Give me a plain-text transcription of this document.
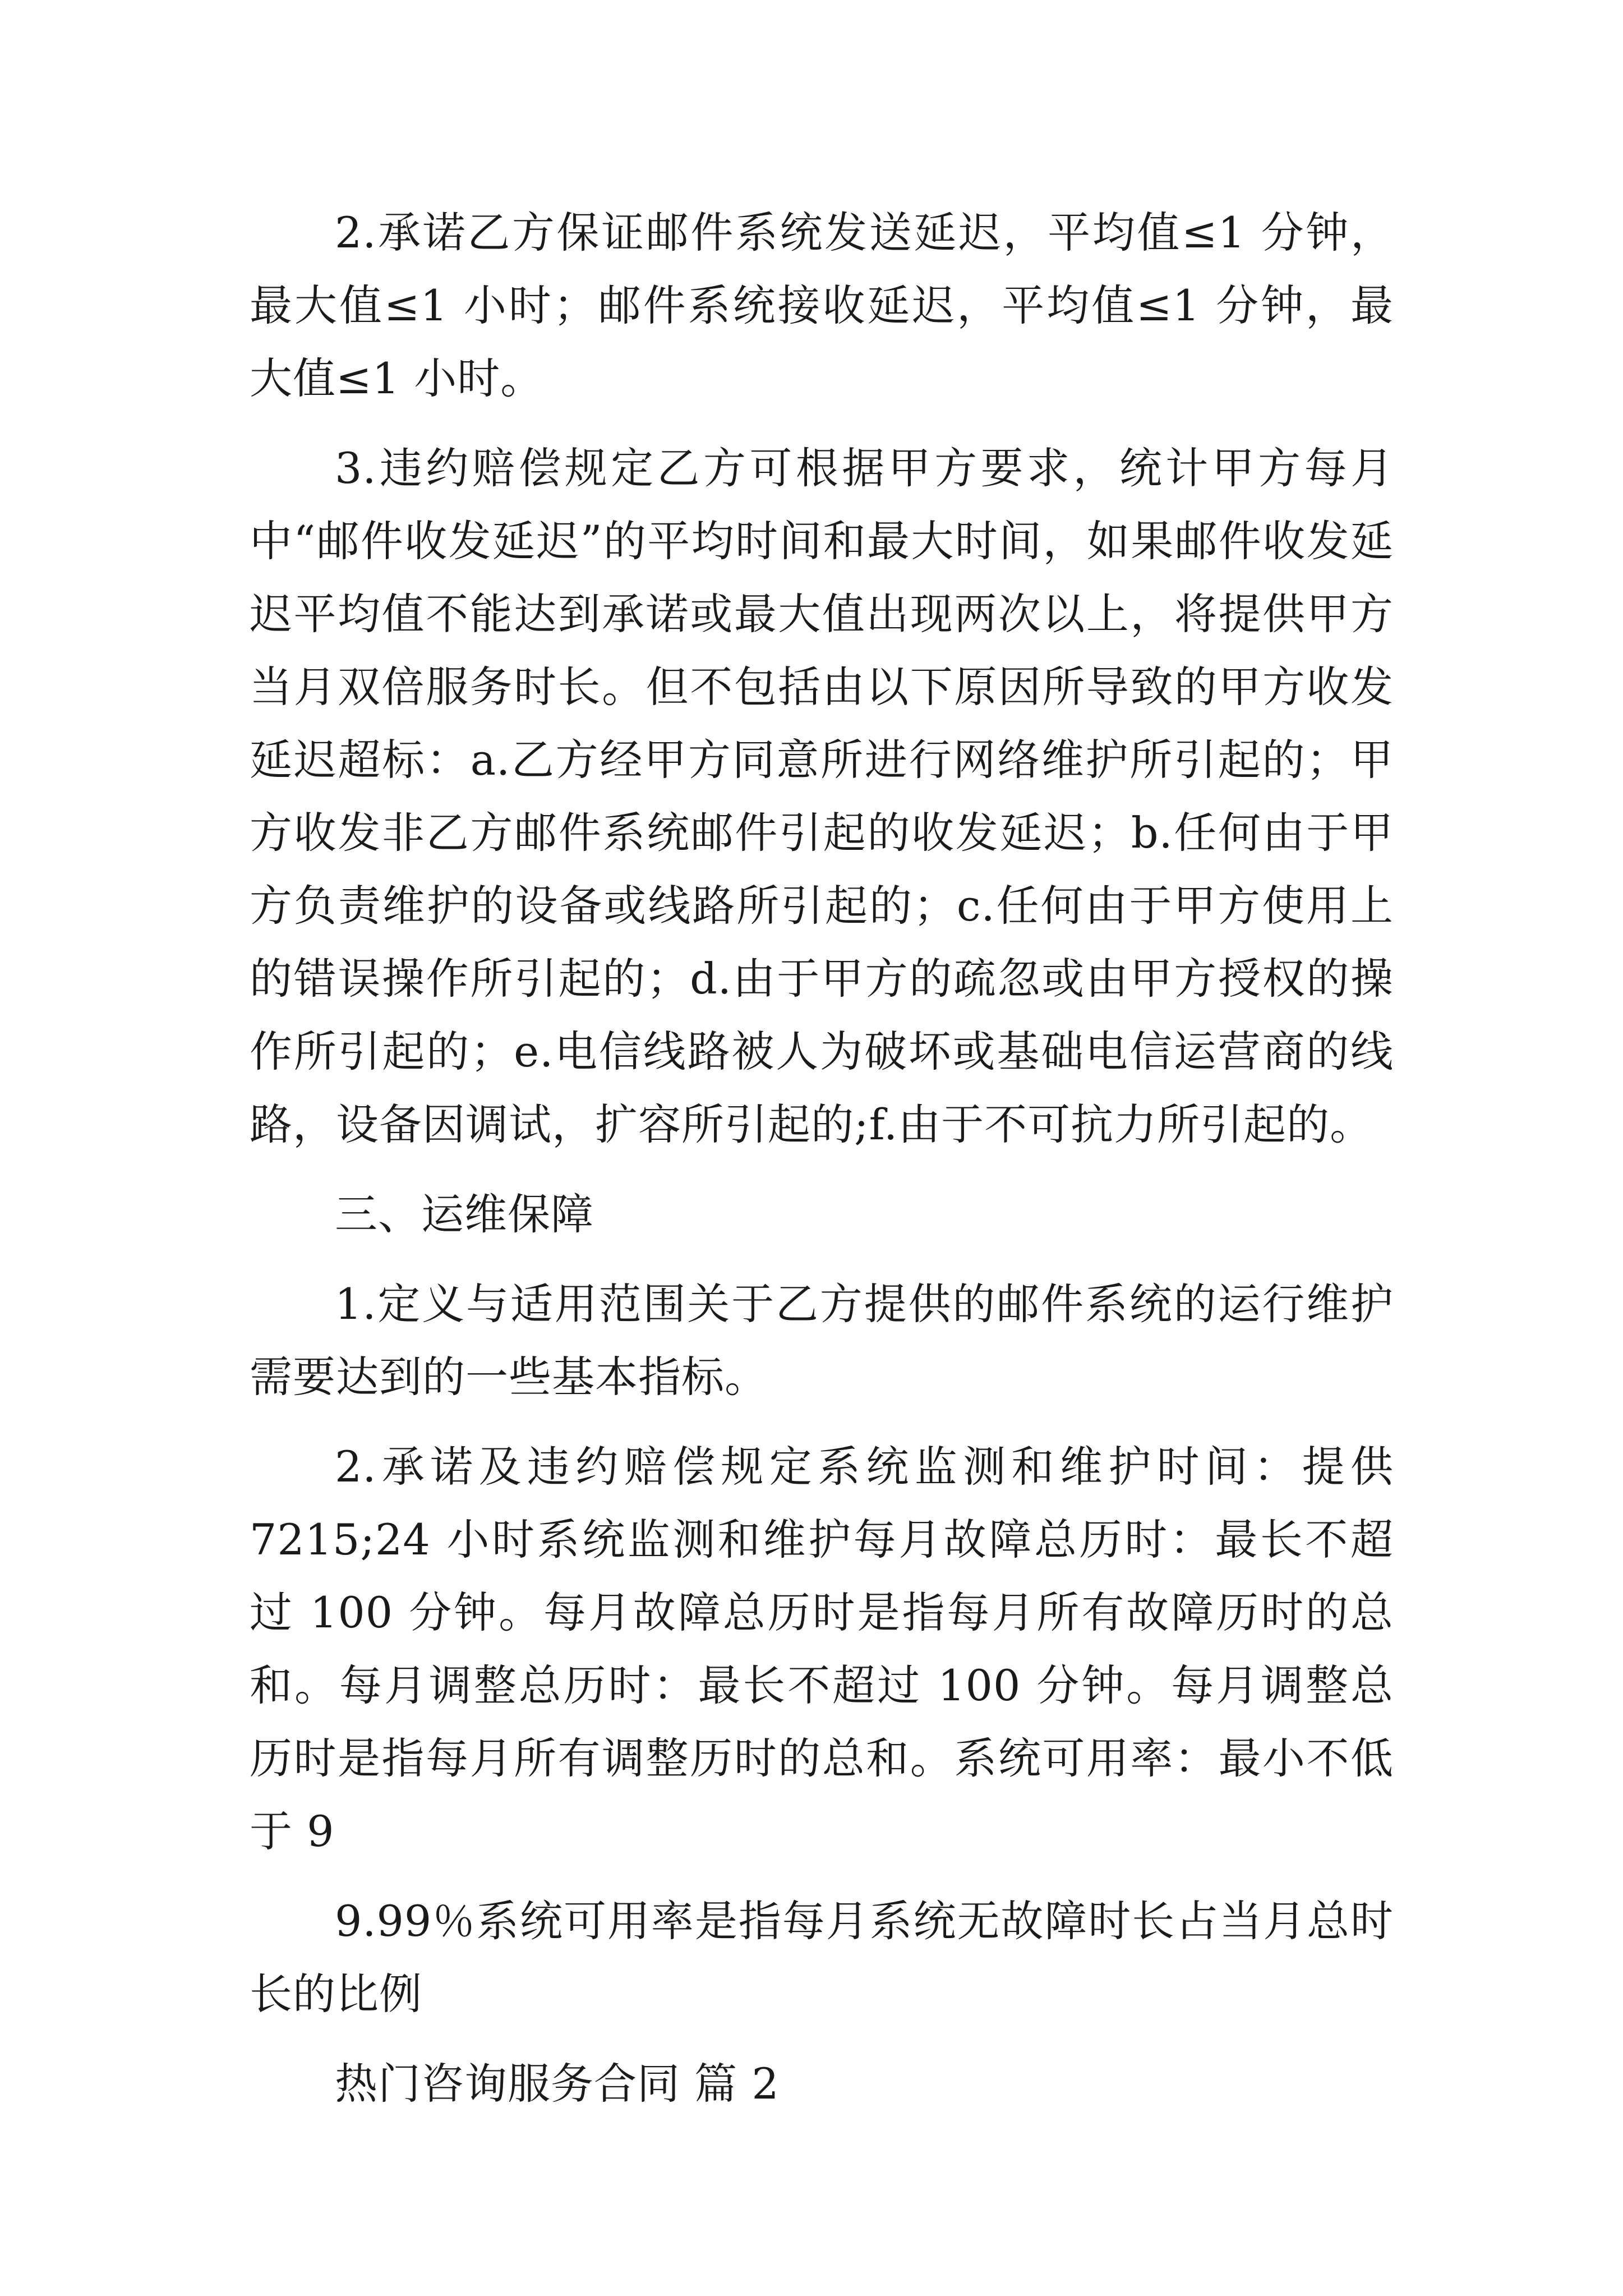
2.承诺乙方保证邮件系统发送延迟，平均值≤1 分钟，最大值≤1 小时；邮件系统接收延迟，平均值≤1 分钟，最大值≤1 小时。

3.违约赔偿规定乙方可根据甲方要求，统计甲方每月中“邮件收发延迟”的平均时间和最大时间，如果邮件收发延迟平均值不能达到承诺或最大值出现两次以上，将提供甲方当月双倍服务时长。但不包括由以下原因所导致的甲方收发延迟超标：a.乙方经甲方同意所进行网络维护所引起的；甲方收发非乙方邮件系统邮件引起的收发延迟；b.任何由于甲方负责维护的设备或线路所引起的；c.任何由于甲方使用上的错误操作所引起的；d.由于甲方的疏忽或由甲方授权的操作所引起的；e.电信线路被人为破坏或基础电信运营商的线路，设备因调试，扩容所引起的;f.由于不可抗力所引起的。

三、运维保障

1.定义与适用范围关于乙方提供的邮件系统的运行维护需要达到的一些基本指标。

2.承诺及违约赔偿规定系统监测和维护时间：提供7215;24 小时系统监测和维护每月故障总历时：最长不超过 100 分钟。每月故障总历时是指每月所有故障历时的总和。每月调整总历时：最长不超过 100 分钟。每月调整总历时是指每月所有调整历时的总和。系统可用率：最小不低于 9

9.99％系统可用率是指每月系统无故障时长占当月总时长的比例

热门咨询服务合同 篇 2
